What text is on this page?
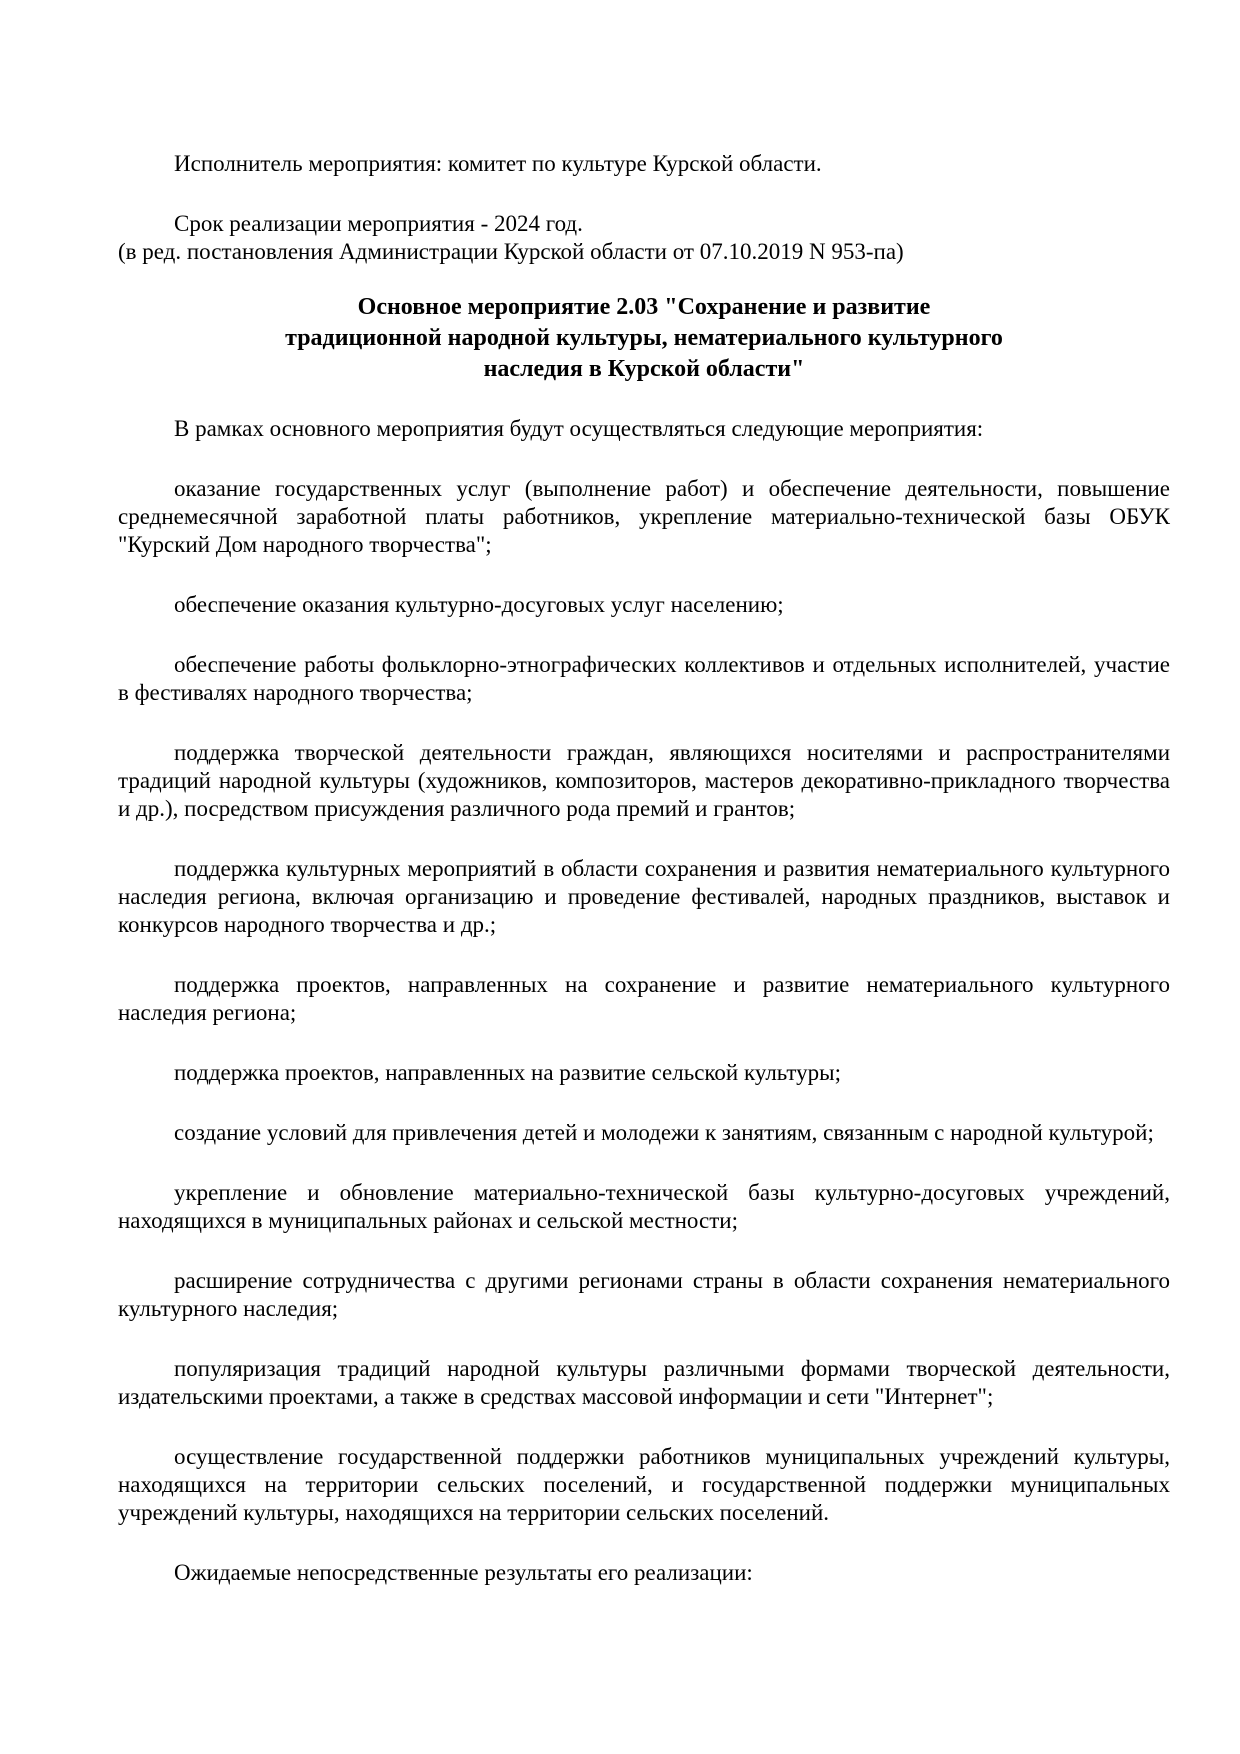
Исполнитель мероприятия: комитет по культуре Курской области.

Срок реализации мероприятия - 2024 год.

(в ред. постановления Администрации Курской области от 07.10.2019 N 953-па)

Основное мероприятие 2.03 "Сохранение и развитие
традиционной народной культуры, нематериального культурного
наследия в Курской области"

В рамках основного мероприятия будут осуществляться следующие мероприятия:

оказание государственных услуг (выполнение работ) и обеспечение деятельности, повышение среднемесячной заработной платы работников, укрепление материально-технической базы ОБУК "Курский Дом народного творчества";

обеспечение оказания культурно-досуговых услуг населению;

обеспечение работы фольклорно-этнографических коллективов и отдельных исполнителей, участие в фестивалях народного творчества;

поддержка творческой деятельности граждан, являющихся носителями и распространителями традиций народной культуры (художников, композиторов, мастеров декоративно-прикладного творчества и др.), посредством присуждения различного рода премий и грантов;

поддержка культурных мероприятий в области сохранения и развития нематериального культурного наследия региона, включая организацию и проведение фестивалей, народных праздников, выставок и конкурсов народного творчества и др.;

поддержка проектов, направленных на сохранение и развитие нематериального культурного наследия региона;

поддержка проектов, направленных на развитие сельской культуры;

создание условий для привлечения детей и молодежи к занятиям, связанным с народной культурой;

укрепление и обновление материально-технической базы культурно-досуговых учреждений, находящихся в муниципальных районах и сельской местности;

расширение сотрудничества с другими регионами страны в области сохранения нематериального культурного наследия;

популяризация традиций народной культуры различными формами творческой деятельности, издательскими проектами, а также в средствах массовой информации и сети "Интернет";

осуществление государственной поддержки работников муниципальных учреждений культуры, находящихся на территории сельских поселений, и государственной поддержки муниципальных учреждений культуры, находящихся на территории сельских поселений.

Ожидаемые непосредственные результаты его реализации:
